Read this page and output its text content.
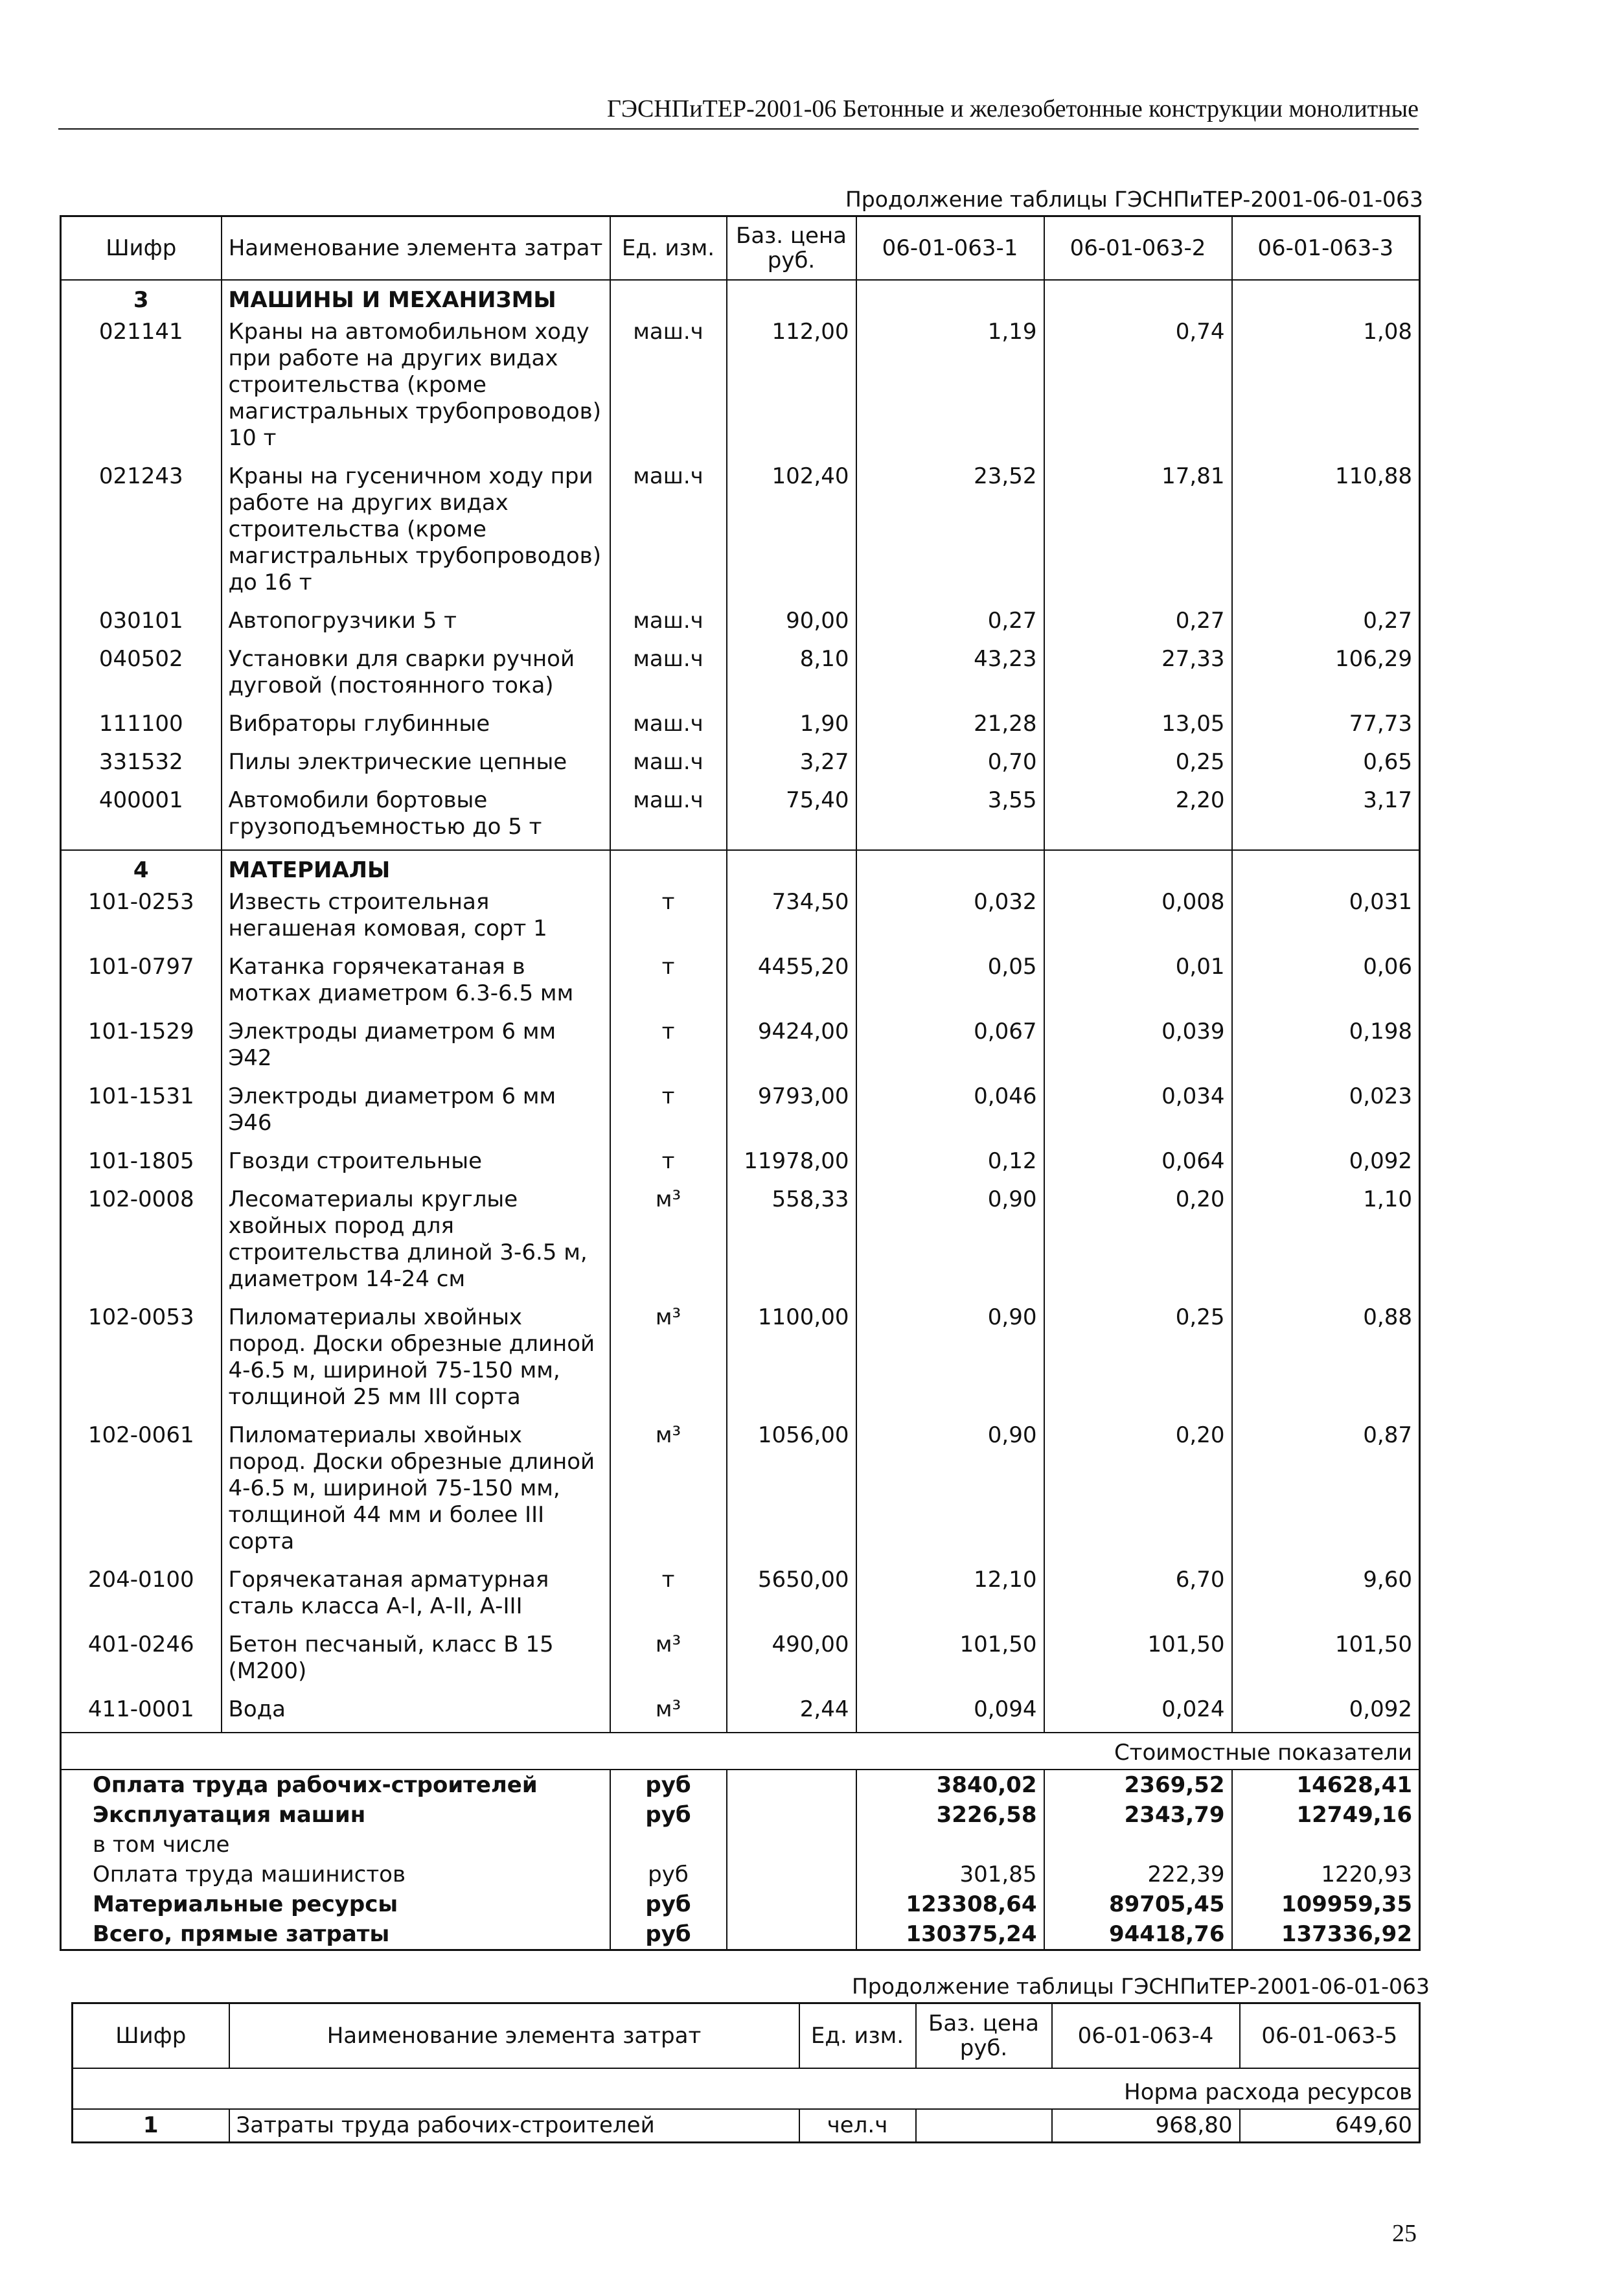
ГЭСНПиТЕР-2001-06 Бетонные и железобетонные конструкции монолитные
Продолжение таблицы ГЭСНПиТЕР-2001-06-01-063
Шифр	Наименование элемента затрат	Ед. изм.	Баз. цена руб.	06-01-063-1	06-01-063-2	06-01-063-3
3	МАШИНЫ И МЕХАНИЗМЫ					
021141	Краны на автомобильном ходу при работе на других видах строительства (кроме магистральных трубопроводов) 10 т	маш.ч	112,00	1,19	0,74	1,08
021243	Краны на гусеничном ходу при работе на других видах строительства (кроме магистральных трубопроводов) до 16 т	маш.ч	102,40	23,52	17,81	110,88
030101	Автопогрузчики 5 т	маш.ч	90,00	0,27	0,27	0,27
040502	Установки для сварки ручной дуговой (постоянного тока)	маш.ч	8,10	43,23	27,33	106,29
111100	Вибраторы глубинные	маш.ч	1,90	21,28	13,05	77,73
331532	Пилы электрические цепные	маш.ч	3,27	0,70	0,25	0,65
400001	Автомобили бортовые грузоподъемностью до 5 т	маш.ч	75,40	3,55	2,20	3,17
4	МАТЕРИАЛЫ					
101-0253	Известь строительная негашеная комовая, сорт 1	т	734,50	0,032	0,008	0,031
101-0797	Катанка горячекатаная в мотках диаметром 6.3-6.5 мм	т	4455,20	0,05	0,01	0,06
101-1529	Электроды диаметром 6 мм Э42	т	9424,00	0,067	0,039	0,198
101-1531	Электроды диаметром 6 мм Э46	т	9793,00	0,046	0,034	0,023
101-1805	Гвозди строительные	т	11978,00	0,12	0,064	0,092
102-0008	Лесоматериалы круглые хвойных пород для строительства длиной 3-6.5 м, диаметром 14-24 см	м³	558,33	0,90	0,20	1,10
102-0053	Пиломатериалы хвойных пород. Доски обрезные длиной 4-6.5 м, шириной 75-150 мм, толщиной 25 мм III сорта	м³	1100,00	0,90	0,25	0,88
102-0061	Пиломатериалы хвойных пород. Доски обрезные длиной 4-6.5 м, шириной 75-150 мм, толщиной 44 мм и более III сорта	м³	1056,00	0,90	0,20	0,87
204-0100	Горячекатаная арматурная сталь класса А-I, А-II, А-III	т	5650,00	12,10	6,70	9,60
401-0246	Бетон песчаный, класс В 15 (М200)	м³	490,00	101,50	101,50	101,50
411-0001	Вода	м³	2,44	0,094	0,024	0,092
Стоимостные показатели						
Оплата труда рабочих-строителей		руб		3840,02	2369,52	14628,41
Эксплуатация машин		руб		3226,58	2343,79	12749,16
в том числе						
Оплата труда машинистов		руб		301,85	222,39	1220,93
Материальные ресурсы		руб		123308,64	89705,45	109959,35
Всего, прямые затраты		руб		130375,24	94418,76	137336,92
Продолжение таблицы ГЭСНПиТЕР-2001-06-01-063
Шифр	Наименование элемента затрат	Ед. изм.	Баз. цена руб.	06-01-063-4	06-01-063-5
Норма расхода ресурсов					
1	Затраты труда рабочих-строителей	чел.ч		968,80	649,60
25
